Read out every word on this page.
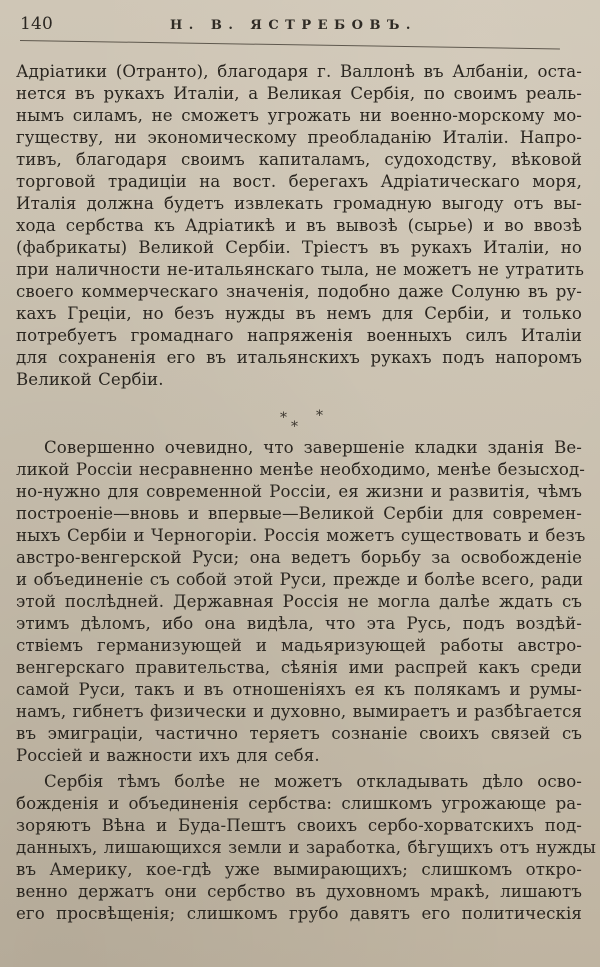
140	Н. В. ЯСТРЕБОВЪ.
Адріатики (Отранто), благодаря г. Валлонѣ въ Албаніи, оста-
нется въ рукахъ Италіи, а Великая Сербія, по своимъ реаль-
нымъ силамъ, не сможетъ угрожать ни военно-морскому мо-
гуществу, ни экономическому преобладанію Италіи. Напро-
тивъ, благодаря своимъ капиталамъ, судоходству, вѣковой
торговой традиціи на вост. берегахъ Адріатическаго моря,
Италія должна будетъ извлекать громадную выгоду отъ вы-
хода сербства къ Адріатикѣ и въ вывозѣ (сырье) и во ввозѣ
(фабрикаты) Великой Сербіи. Тріестъ въ рукахъ Италіи, но
при наличности не-итальянскаго тыла, не можетъ не утратить
своего коммерческаго значенія, подобно даже Солуню въ ру-
кахъ Греціи, но безъ нужды въ немъ для Сербіи, и только
потребуетъ громаднаго напряженія военныхъ силъ Италіи
для сохраненія его въ итальянскихъ рукахъ подъ напоромъ
Великой Сербіи.
*
*
*
Совершенно очевидно, что завершеніе кладки зданія Ве-
ликой Россіи несравненно менѣе необходимо, менѣе безысход-
но-нужно для современной Россіи, ея жизни и развитія, чѣмъ
построеніе—вновь и впервые—Великой Сербіи для современ-
ныхъ Сербіи и Черногоріи. Россія можетъ существовать и безъ
австро-венгерской Руси; она ведетъ борьбу за освобожденіе
и объединеніе съ собой этой Руси, прежде и болѣе всего, ради
этой послѣдней. Державная Россія не могла далѣе ждать съ
этимъ дѣломъ, ибо она видѣла, что эта Русь, подъ воздѣй-
ствіемъ германизующей и мадьяризующей работы австро-
венгерскаго правительства, сѣянія ими распрей какъ среди
самой Руси, такъ и въ отношеніяхъ ея къ полякамъ и румы-
намъ, гибнетъ физически и духовно, вымираетъ и разбѣгается
въ эмиграціи, частично теряетъ сознаніе своихъ связей съ
Россіей и важности ихъ для себя.
Сербія тѣмъ болѣе не можетъ откладывать дѣло осво-
божденія и объединенія сербства: слишкомъ угрожающе ра-
зоряютъ Вѣна и Буда-Пештъ своихъ сербо-хорватскихъ под-
данныхъ, лишающихся земли и заработка, бѣгущихъ отъ нужды
въ Америку, кое-гдѣ уже вымирающихъ; слишкомъ откро-
венно держатъ они сербство въ духовномъ мракѣ, лишаютъ
его просвѣщенія; слишкомъ грубо давятъ его политическія
